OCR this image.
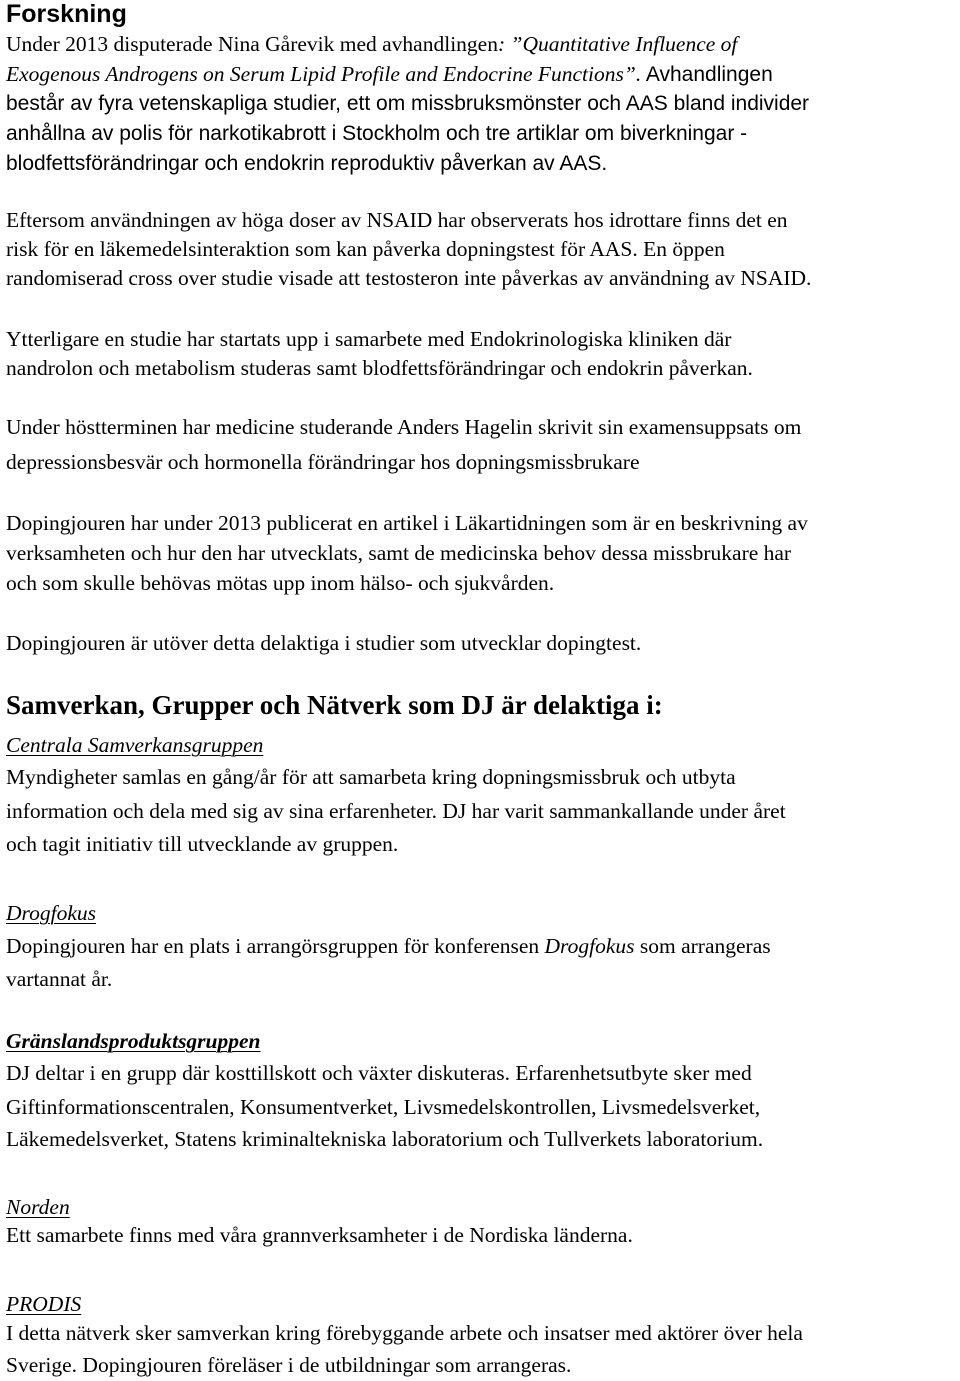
Forskning
Under 2013 disputerade Nina Gårevik med avhandlingen: ”Quantitative Influence of
Exogenous Androgens on Serum Lipid Profile and Endocrine Functions”. Avhandlingen
består av fyra vetenskapliga studier, ett om missbruksmönster och AAS bland individer
anhållna av polis för narkotikabrott i Stockholm och tre artiklar om biverkningar -
blodfettsförändringar och endokrin reproduktiv påverkan av AAS.
Eftersom användningen av höga doser av NSAID har observerats hos idrottare finns det en
risk för en läkemedelsinteraktion som kan påverka dopningstest för AAS. En öppen
randomiserad cross over studie visade att testosteron inte påverkas av användning av NSAID.
Ytterligare en studie har startats upp i samarbete med Endokrinologiska kliniken där
nandrolon och metabolism studeras samt blodfettsförändringar och endokrin påverkan.
Under höstterminen har medicine studerande Anders Hagelin skrivit sin examensuppsats om
depressionsbesvär och hormonella förändringar hos dopningsmissbrukare
Dopingjouren har under 2013 publicerat en artikel i Läkartidningen som är en beskrivning av
verksamheten och hur den har utvecklats, samt de medicinska behov dessa missbrukare har
och som skulle behövas mötas upp inom hälso- och sjukvården.
Dopingjouren är utöver detta delaktiga i studier som utvecklar dopingtest.
Samverkan, Grupper och Nätverk som DJ är delaktiga i:
Centrala Samverkansgruppen
Myndigheter samlas en gång/år för att samarbeta kring dopningsmissbruk och utbyta
information och dela med sig av sina erfarenheter. DJ har varit sammankallande under året
och tagit initiativ till utvecklande av gruppen.
Drogfokus
Dopingjouren har en plats i arrangörsgruppen för konferensen Drogfokus som arrangeras
vartannat år.
Gränslandsproduktsgruppen
DJ deltar i en grupp där kosttillskott och växter diskuteras. Erfarenhetsutbyte sker med
Giftinformationscentralen, Konsumentverket, Livsmedelskontrollen, Livsmedelsverket,
Läkemedelsverket, Statens kriminaltekniska laboratorium och Tullverkets laboratorium.
Norden
Ett samarbete finns med våra grannverksamheter i de Nordiska länderna.
PRODIS
I detta nätverk sker samverkan kring förebyggande arbete och insatser med aktörer över hela
Sverige. Dopingjouren föreläser i de utbildningar som arrangeras.
